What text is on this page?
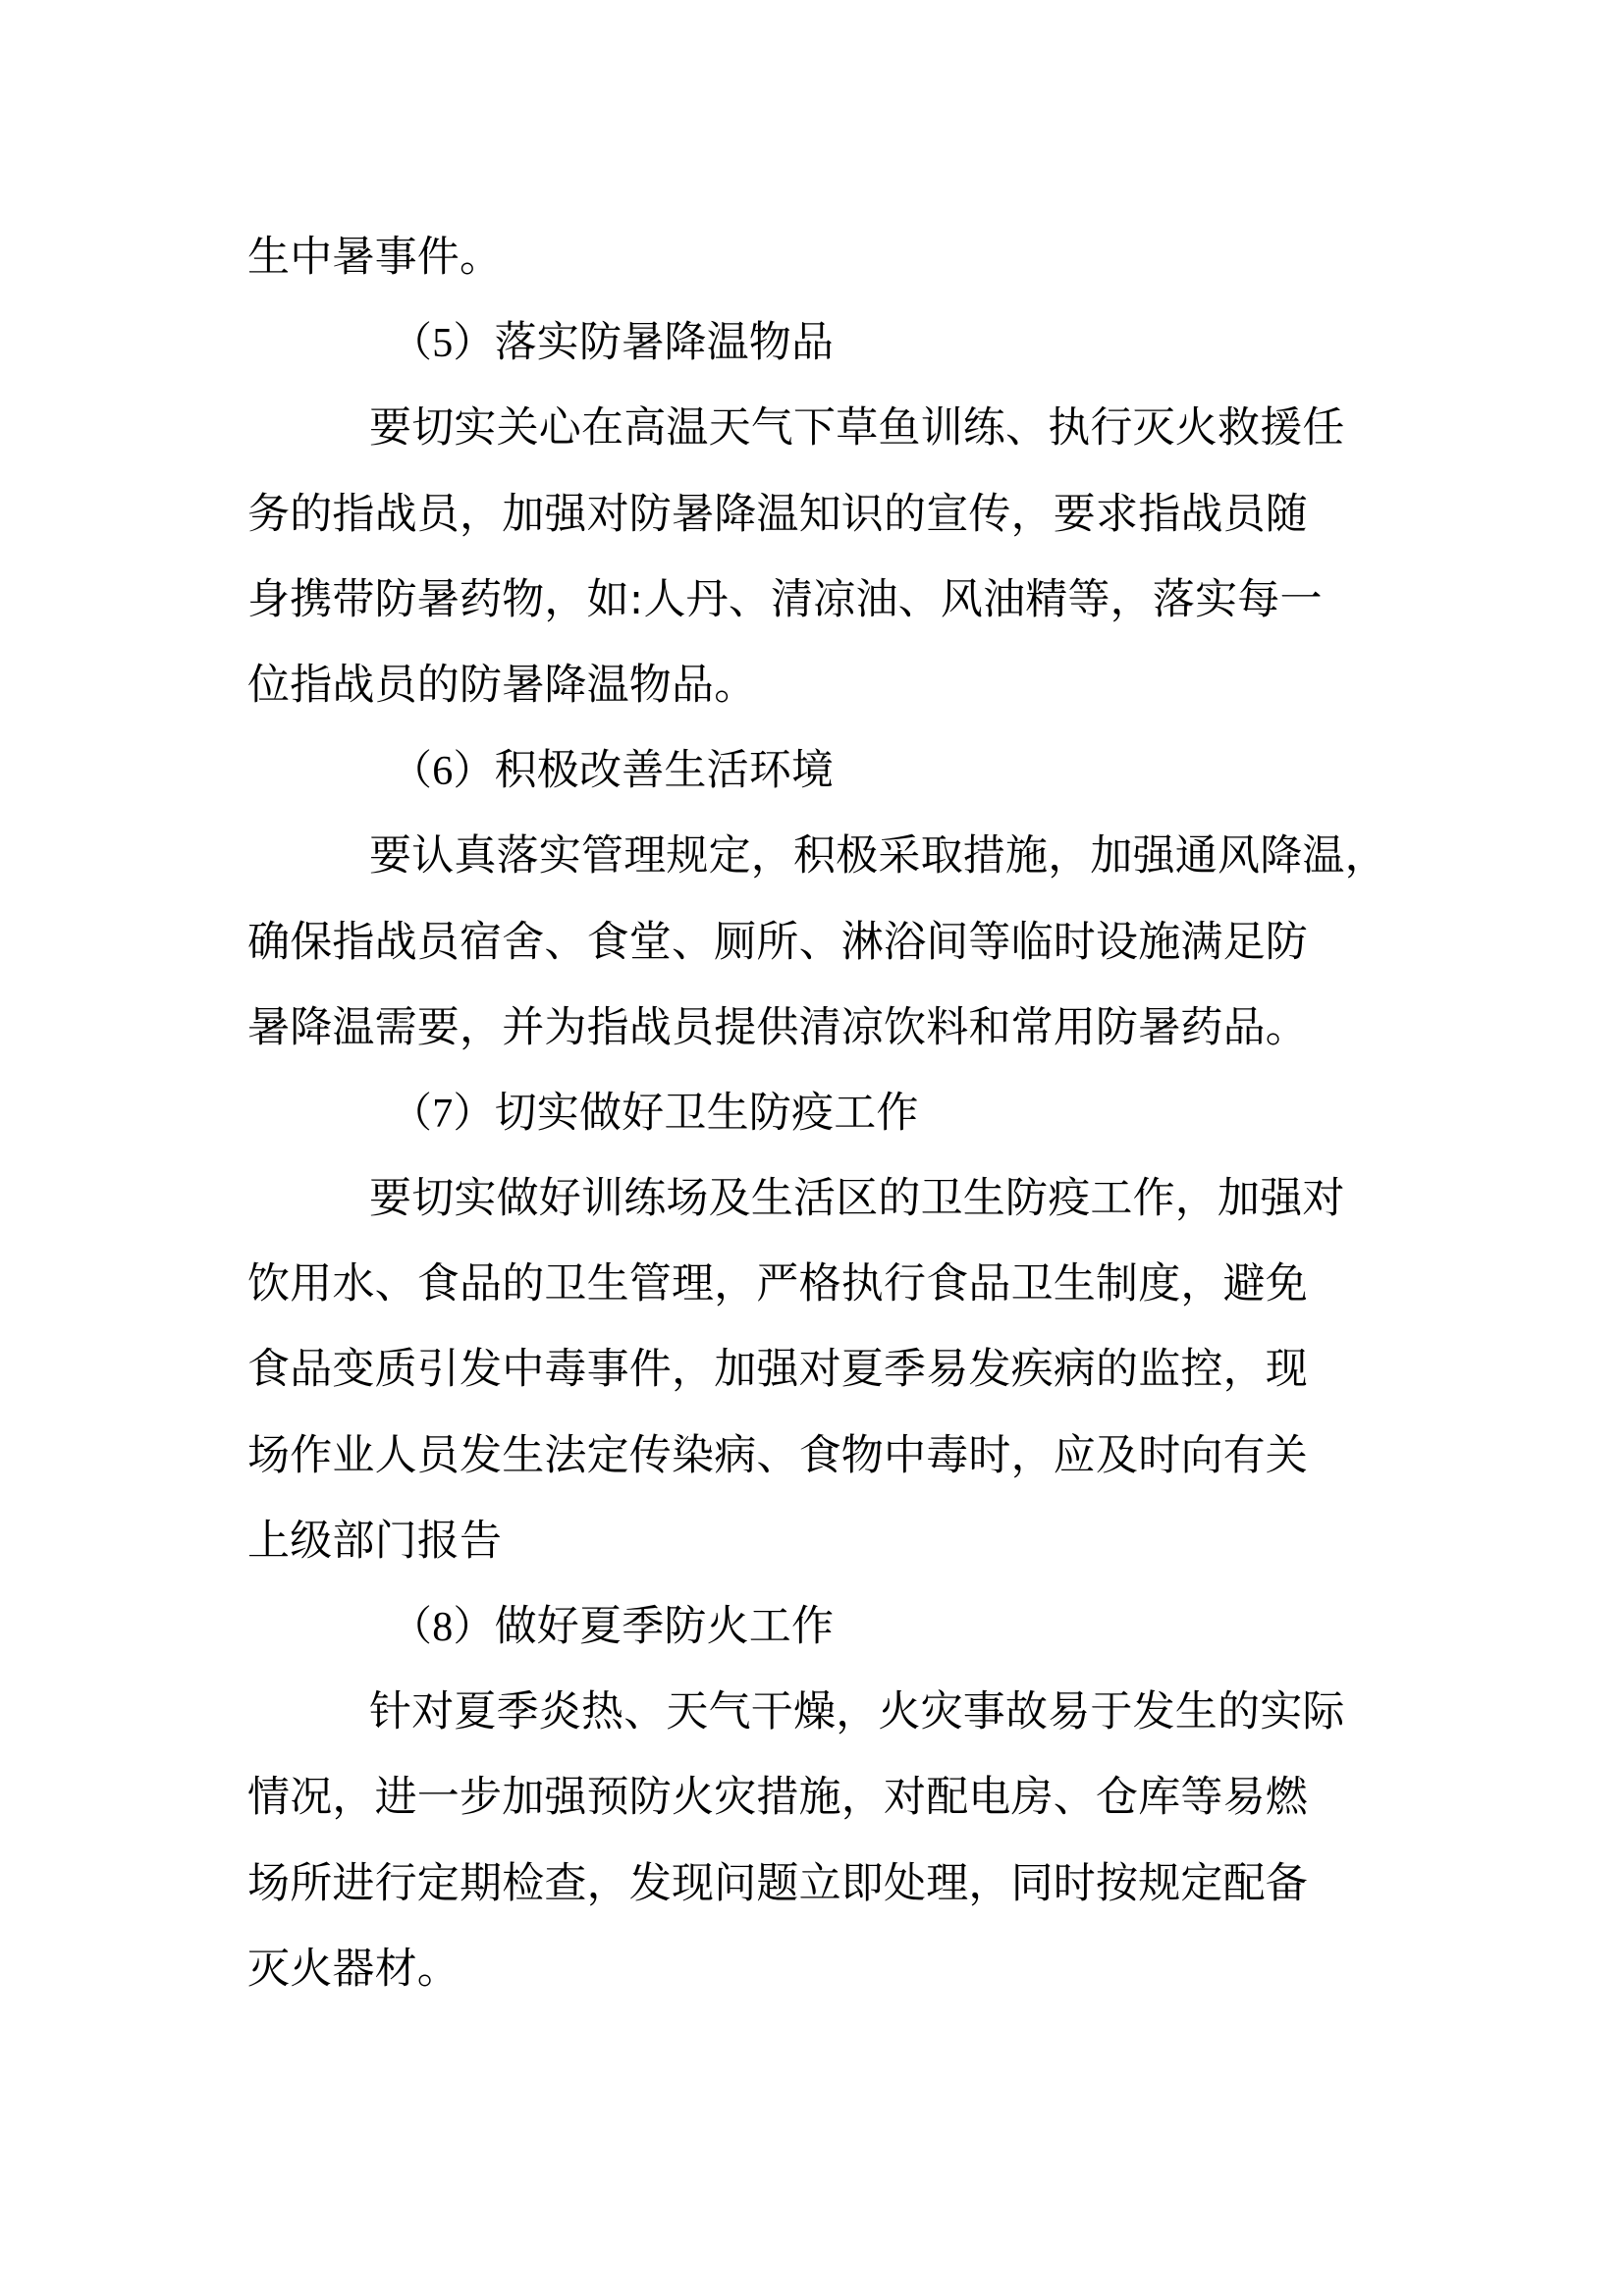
生中暑事件。
（5）落实防暑降温物品
要切实关心在高温天气下草鱼训练、执行灭火救援任
务的指战员，加强对防暑降温知识的宣传，要求指战员随
身携带防暑药物，如:人丹、清凉油、风油精等，落实每一
位指战员的防暑降温物品。
（6）积极改善生活环境
要认真落实管理规定，积极采取措施，加强通风降温，
确保指战员宿舍、食堂、厕所、淋浴间等临时设施满足防
暑降温需要，并为指战员提供清凉饮料和常用防暑药品。
（7）切实做好卫生防疫工作
要切实做好训练场及生活区的卫生防疫工作，加强对
饮用水、食品的卫生管理，严格执行食品卫生制度，避免
食品变质引发中毒事件，加强对夏季易发疾病的监控，现
场作业人员发生法定传染病、食物中毒时，应及时向有关
上级部门报告
（8）做好夏季防火工作
针对夏季炎热、天气干燥，火灾事故易于发生的实际
情况，进一步加强预防火灾措施，对配电房、仓库等易燃
场所进行定期检查，发现问题立即处理，同时按规定配备
灭火器材。
